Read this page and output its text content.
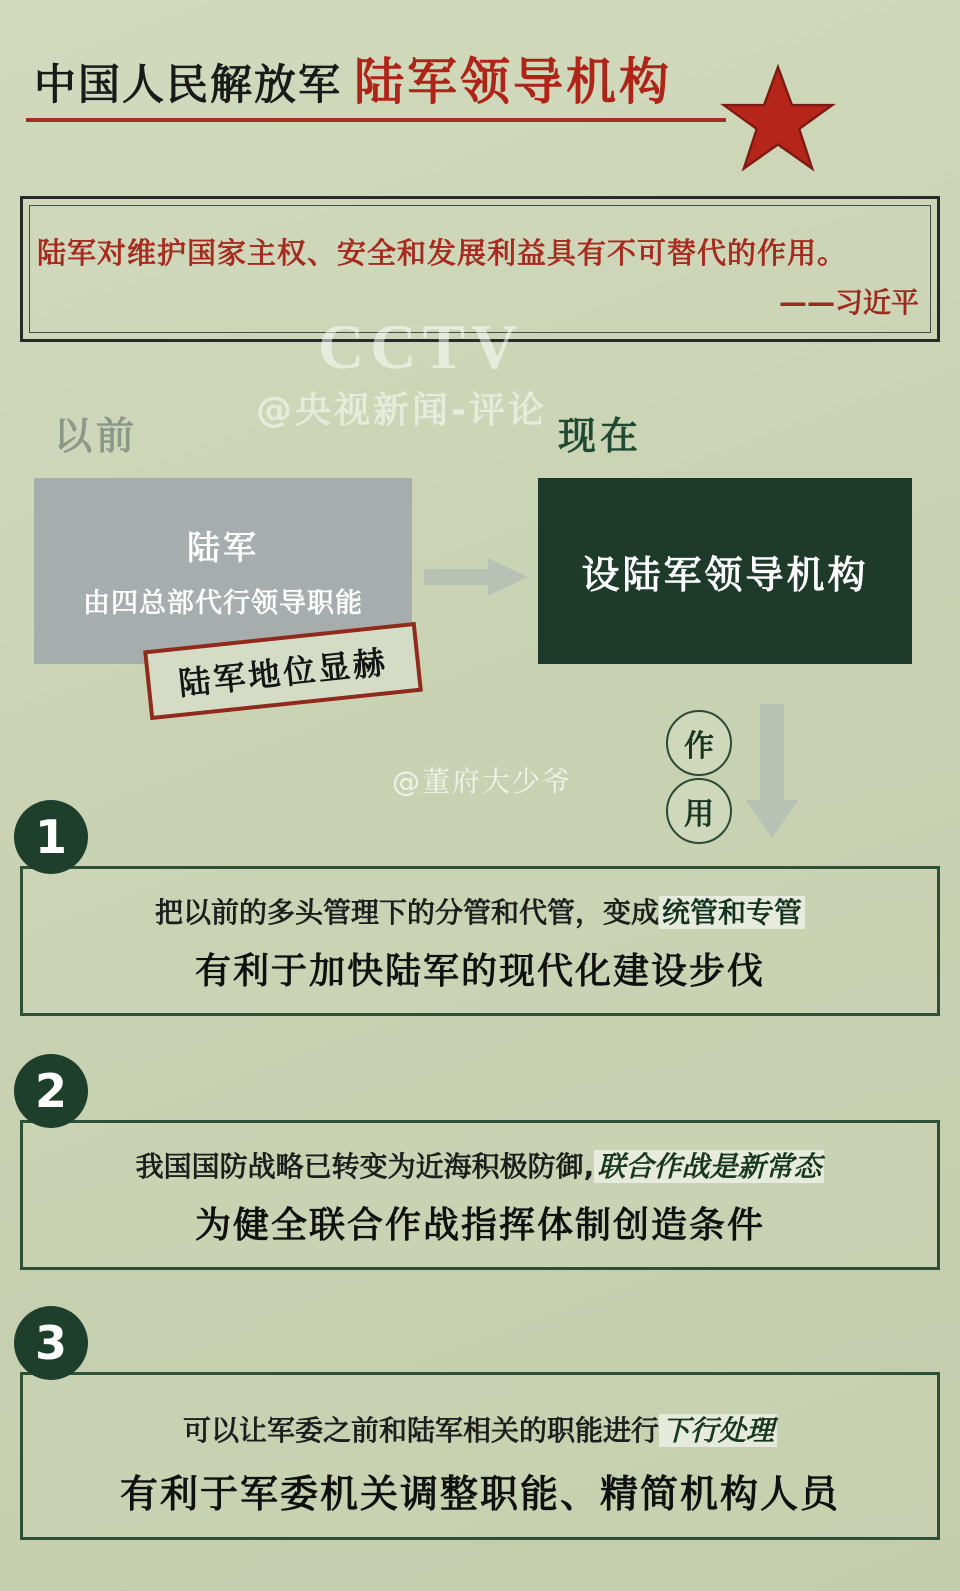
中国人民解放军 陆军领导机构
陆军对维护国家主权、安全和发展利益具有不可替代的作用。
——习近平
CCTV
@央视新闻-评论
@董府大少爷
以前	现在
陆军
由四总部代行领导职能
设陆军领导机构
陆军地位显赫
作
用
1
把以前的多头管理下的分管和代管，变成 统管和专管
有利于加快陆军的现代化建设步伐
2
我国国防战略已转变为近海积极防御, 联合作战是新常态
为健全联合作战指挥体制创造条件
3
可以让军委之前和陆军相关的职能进行 下行处理
有利于军委机关调整职能、精简机构人员
